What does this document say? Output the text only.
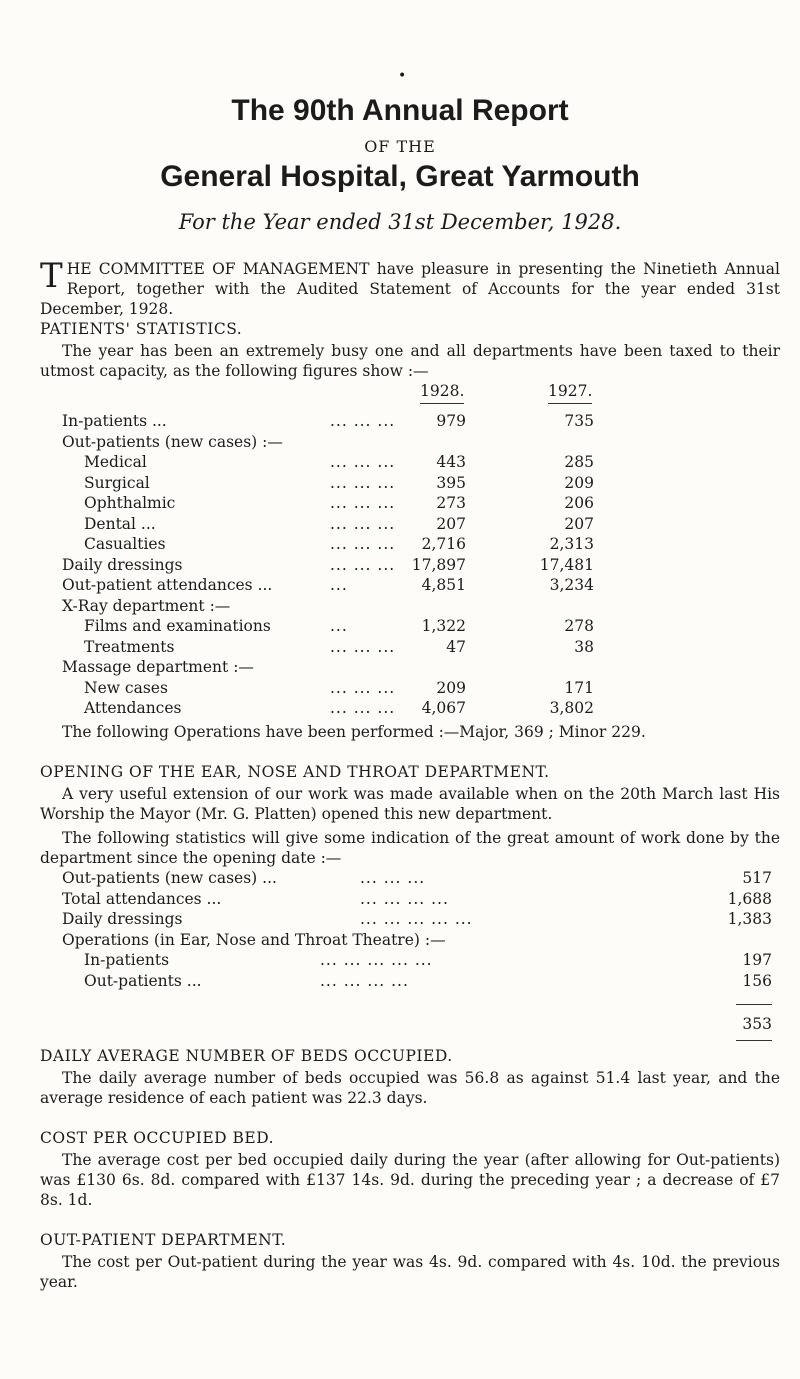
•
The 90th Annual Report
OF THE
General Hospital, Great Yarmouth
For the Year ended 31st December, 1928.
THE COMMITTEE OF MANAGEMENT have pleasure in presenting the Ninetieth Annual Report, together with the Audited Statement of Accounts for the year ended 31st December, 1928.
PATIENTS' STATISTICS.
The year has been an extremely busy one and all departments have been taxed to their utmost capacity, as the following figures show :—
1928.	1927.
In-patients ...	... ... ...	979	735
Out-patients (new cases) :—
Medical	... ... ...	443	285
Surgical	... ... ...	395	209
Ophthalmic	... ... ...	273	206
Dental ...	... ... ...	207	207
Casualties	... ... ...	2,716	2,313
Daily dressings	... ... ...	17,897	17,481
Out-patient attendances ...	...	4,851	3,234
X-Ray department :—
Films and examinations	...	1,322	278
Treatments	... ... ...	47	38
Massage department :—
New cases	... ... ...	209	171
Attendances	... ... ...	4,067	3,802
The following Operations have been performed :—Major, 369 ; Minor 229.
OPENING OF THE EAR, NOSE AND THROAT DEPARTMENT.
A very useful extension of our work was made available when on the 20th March last His Worship the Mayor (Mr. G. Platten) opened this new department.
The following statistics will give some indication of the great amount of work done by the department since the opening date :—
Out-patients (new cases) ...	... ... ...	517
Total attendances ...	... ... ... ...	1,688
Daily dressings	... ... ... ... ...	1,383
Operations (in Ear, Nose and Throat Theatre) :—
In-patients	... ... ... ... ...	197
Out-patients ...	... ... ... ...	156
353
DAILY AVERAGE NUMBER OF BEDS OCCUPIED.
The daily average number of beds occupied was 56.8 as against 51.4 last year, and the average residence of each patient was 22.3 days.
COST PER OCCUPIED BED.
The average cost per bed occupied daily during the year (after allowing for Out-patients) was £130 6s. 8d. compared with £137 14s. 9d. during the preceding year ; a decrease of £7 8s. 1d.
OUT-PATIENT DEPARTMENT.
The cost per Out-patient during the year was 4s. 9d. compared with 4s. 10d. the previous year.
